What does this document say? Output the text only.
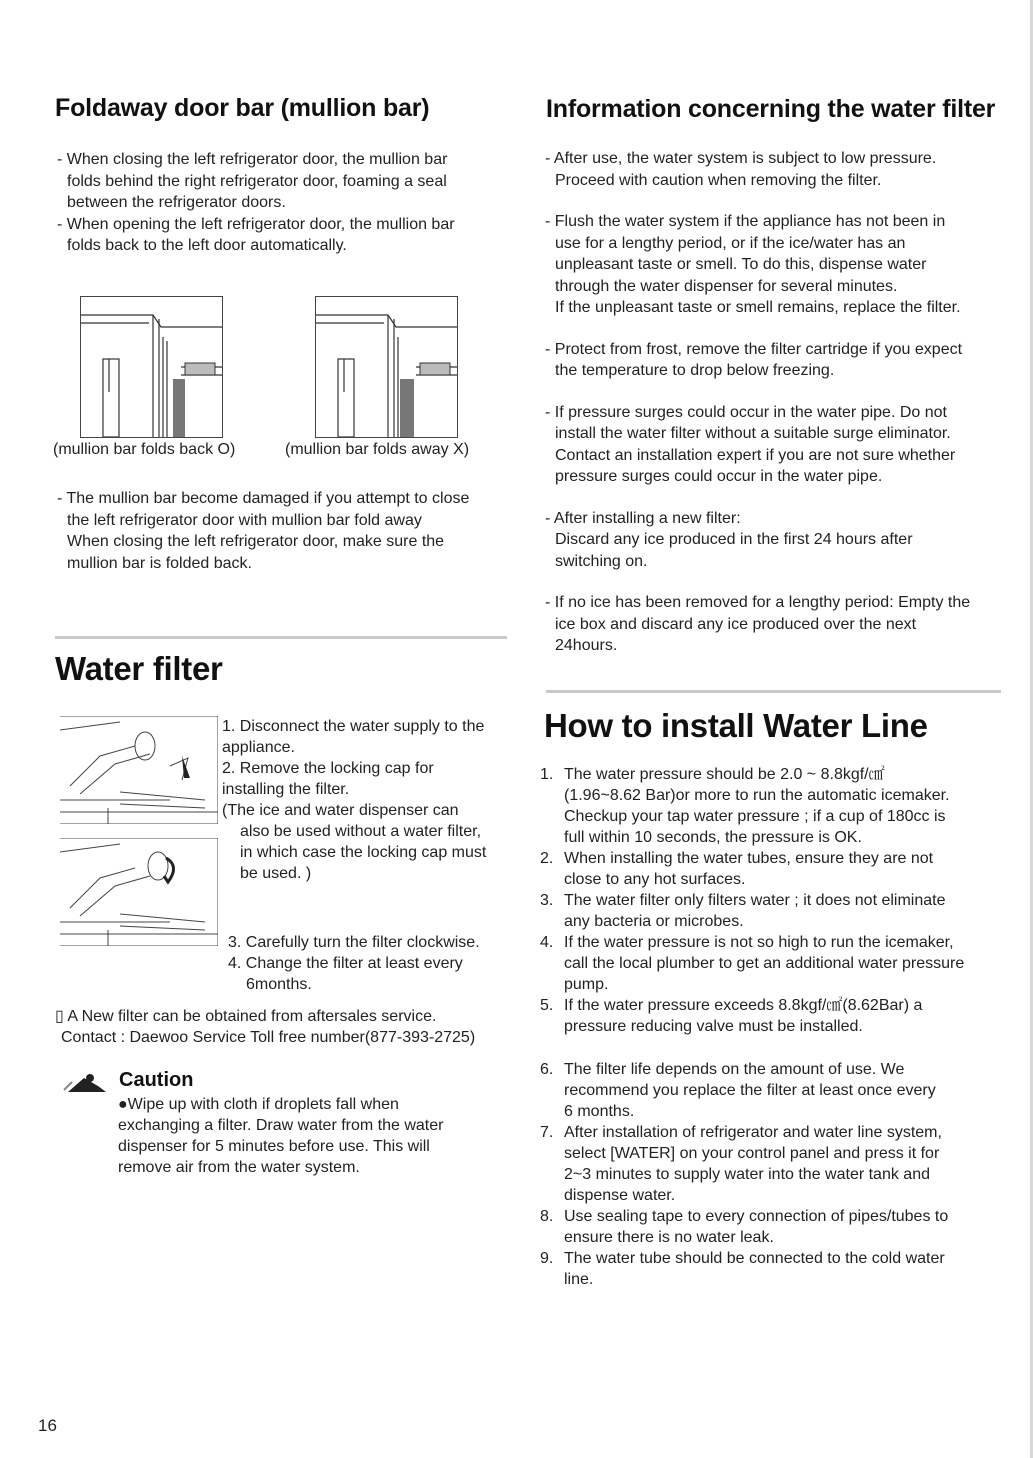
Foldaway door bar (mullion bar)
- When closing the left refrigerator door, the mullion bar
folds behind the right refrigerator door, foaming a seal
between the refrigerator doors.
- When opening the left refrigerator door, the mullion bar
folds back to the left door automatically.
(mullion bar folds back O)	(mullion bar folds away X)
- The mullion bar become damaged if you attempt to close
the left refrigerator door with mullion bar fold away
When closing the left refrigerator door, make sure the
mullion bar is folded back.
Water filter
1. Disconnect the water supply to the
appliance.
2. Remove the locking cap for
installing the filter.
(The ice and water dispenser can
also be used without a water filter,
in which case the locking cap must
be used. )
3. Carefully turn the filter clockwise.
4. Change the filter at least every
6months.
▯ A New filter can be obtained from aftersales service.
Contact : Daewoo Service Toll free number(877-393-2725)
Caution
●Wipe up with cloth if droplets fall when
exchanging a filter. Draw water from the water
dispenser for 5 minutes before use. This will
remove air from the water system.
Information concerning the water filter
- After use, the water system is subject to low pressure.
Proceed with caution when removing the filter.
- Flush the water system if the appliance has not been in
use for a lengthy period, or if the ice/water has an
unpleasant taste or smell. To do this, dispense water
through the water dispenser for several minutes.
If the unpleasant taste or smell remains, replace the filter.
- Protect from frost, remove the filter cartridge if you expect
the temperature to drop below freezing.
- If pressure surges could occur in the water pipe. Do not
install the water filter without a suitable surge eliminator.
Contact an installation expert if you are not sure whether
pressure surges could occur in the water pipe.
- After installing a new filter:
Discard any ice produced in the first 24 hours after
switching on.
- If no ice has been removed for a lengthy period: Empty the
ice box and discard any ice produced over the next
24hours.
How to install Water Line
1. The water pressure should be 2.0 ~ 8.8kgf/㎠
(1.96~8.62 Bar)or more to run the automatic icemaker.
Checkup your tap water pressure ; if a cup of 180cc is
full within 10 seconds, the pressure is OK.
2. When installing the water tubes, ensure they are not
close to any hot surfaces.
3. The water filter only filters water ; it does not eliminate
any bacteria or microbes.
4. If the water pressure is not so high to run the icemaker,
call the local plumber to get an additional water pressure
pump.
5. If the water pressure exceeds 8.8kgf/㎠(8.62Bar) a
pressure reducing valve must be installed.
6. The filter life depends on the amount of use. We
recommend you replace the filter at least once every
6 months.
7. After installation of refrigerator and water line system,
select [WATER] on your control panel and press it for
2~3 minutes to supply water into the water tank and
dispense water.
8. Use sealing tape to every connection of pipes/tubes to
ensure there is no water leak.
9. The water tube should be connected to the cold water
line.
16
